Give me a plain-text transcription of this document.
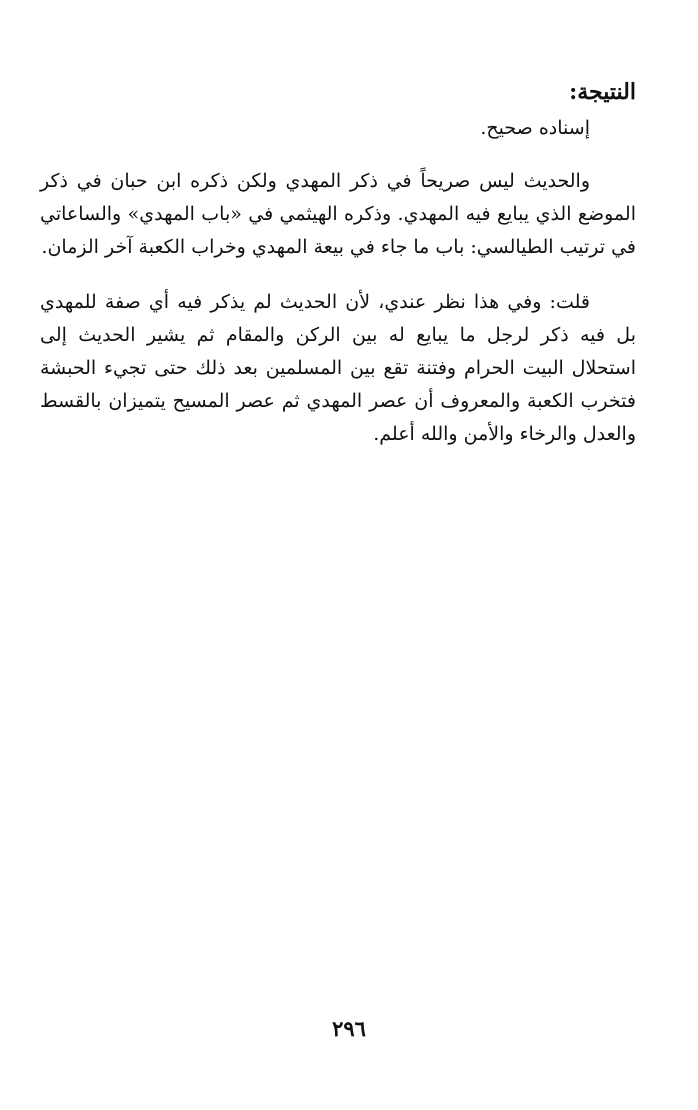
النتيجة:

إسناده صحيح.

والحديث ليس صريحاً في ذكر المهدي ولكن ذكره ابن حبان في ذكر الموضع الذي يبايع فيه المهدي. وذكره الهيثمي في «باب المهدي» والساعاتي في ترتيب الطيالسي: باب ما جاء في بيعة المهدي وخراب الكعبة آخر الزمان.

قلت: وفي هذا نظر عندي، لأن الحديث لم يذكر فيه أي صفة للمهدي بل فيه ذكر لرجل ما يبايع له بين الركن والمقام ثم يشير الحديث إلى استحلال البيت الحرام وفتنة تقع بين المسلمين بعد ذلك حتى تجيء الحبشة فتخرب الكعبة والمعروف أن عصر المهدي ثم عصر المسيح يتميزان بالقسط والعدل والرخاء والأمن والله أعلم.

٢٩٦
